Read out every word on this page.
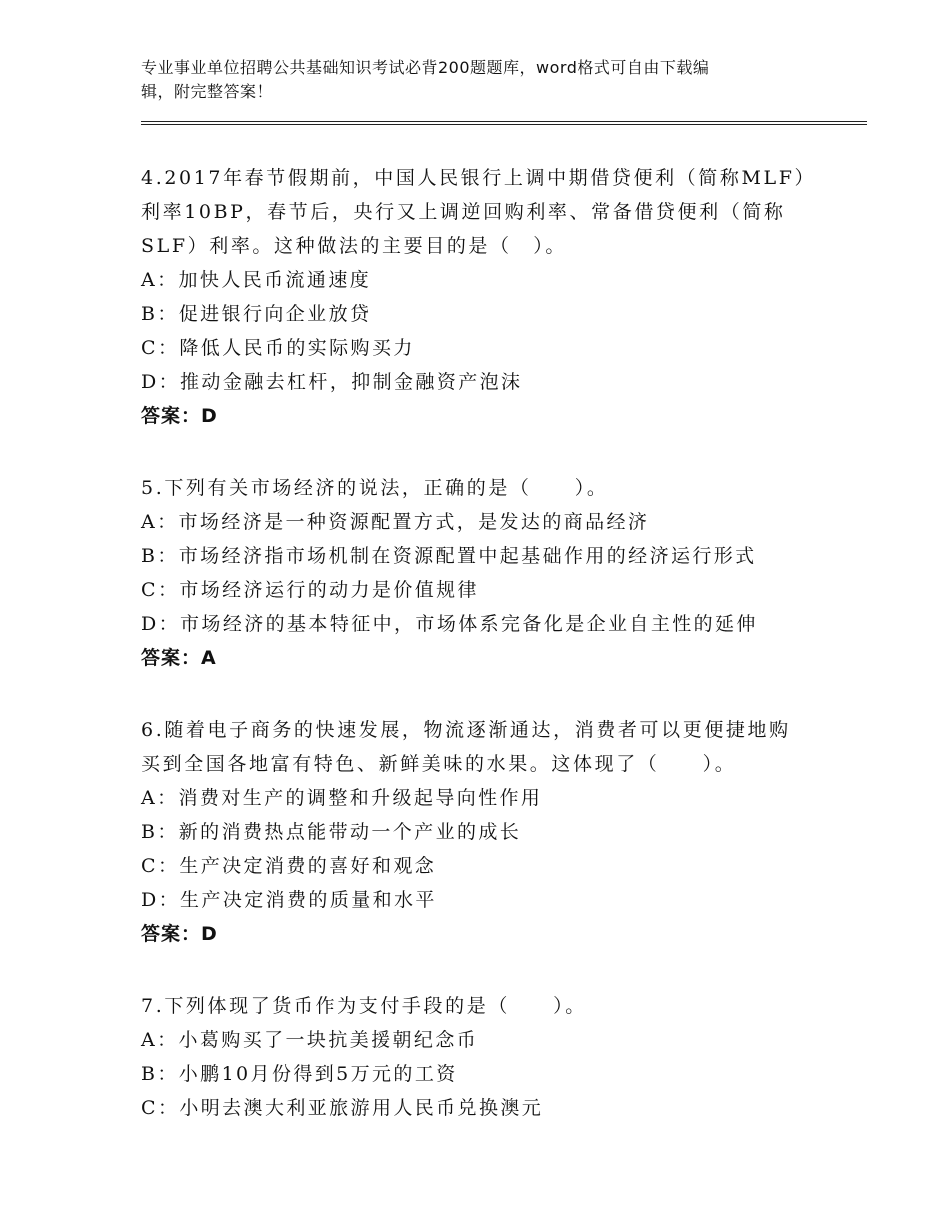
专业事业单位招聘公共基础知识考试必背200题题库，word格式可自由下载编
辑，附完整答案！
4.2017年春节假期前，中国人民银行上调中期借贷便利（简称MLF）
利率10BP，春节后，央行又上调逆回购利率、常备借贷便利（简称
SLF）利率。这种做法的主要目的是（　）。
A：加快人民币流通速度
B：促进银行向企业放贷
C：降低人民币的实际购买力
D：推动金融去杠杆，抑制金融资产泡沫
答案：D
5.下列有关市场经济的说法，正确的是（　　）。
A：市场经济是一种资源配置方式，是发达的商品经济
B：市场经济指市场机制在资源配置中起基础作用的经济运行形式
C：市场经济运行的动力是价值规律
D：市场经济的基本特征中，市场体系完备化是企业自主性的延伸
答案：A
6.随着电子商务的快速发展，物流逐渐通达，消费者可以更便捷地购
买到全国各地富有特色、新鲜美味的水果。这体现了（　　）。
A：消费对生产的调整和升级起导向性作用
B：新的消费热点能带动一个产业的成长
C：生产决定消费的喜好和观念
D：生产决定消费的质量和水平
答案：D
7.下列体现了货币作为支付手段的是（　　）。
A：小葛购买了一块抗美援朝纪念币
B：小鹏10月份得到5万元的工资
C：小明去澳大利亚旅游用人民币兑换澳元
